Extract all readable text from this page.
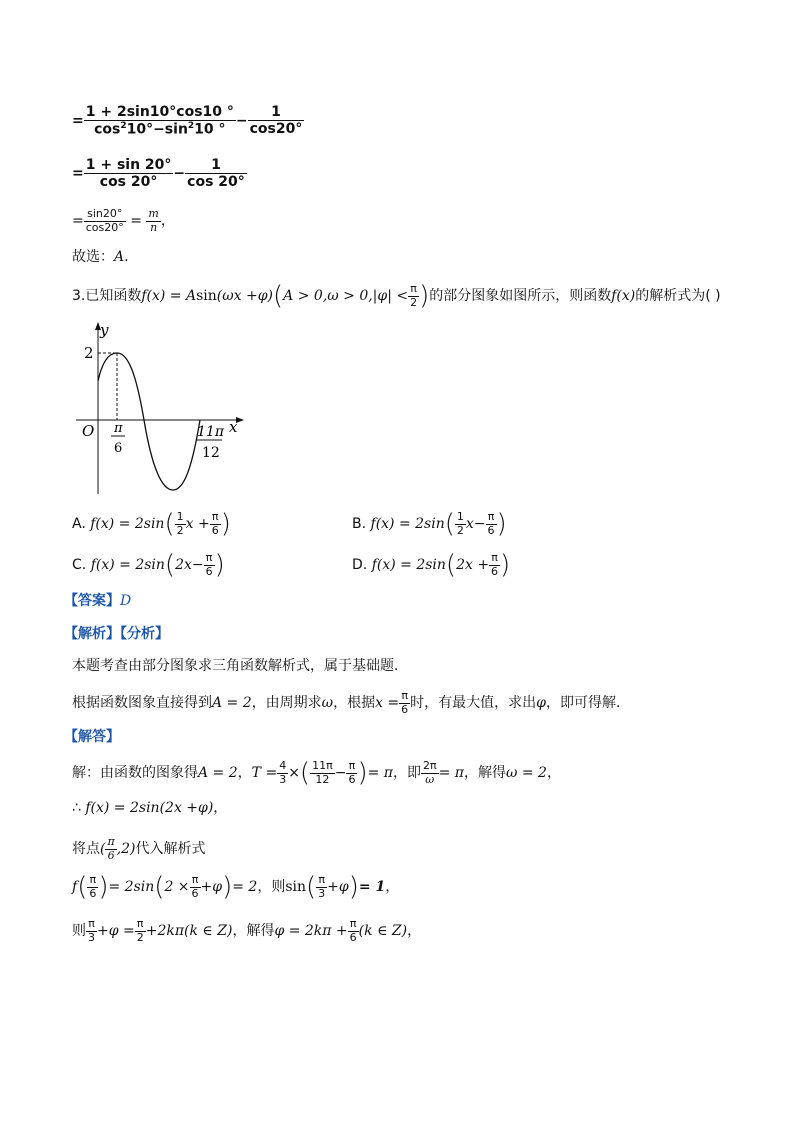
= $\frac{1 + 2\sin 10^\circ\cos 10 ^\circ}{\cos^210^\circ-\sin^210 ^\circ} - \frac{1}{\cos 20^\circ}$
= $\frac{1 + \sin 20^\circ}{\cos 20^\circ} - \frac{1}{\cos 20^\circ}$
= $\frac{\sin 20^\circ}{\cos 20^\circ} = \frac{m}{n}$ ，
故选：A．
3.已知函数$f(x) = Asin(\omega x +\varphi)(A > 0,\omega > 0,|\varphi| < \frac{\pi}{2}$ )的部分图象如图所示，则函数f(x)的解析式为( )
y
x
O
2
π
6
11π
12
A. $f(x) = 2\sin( \frac{1}{2}$ $x + \frac{\pi}{6}$ )	B. $f(x) = 2\sin( \frac{1}{2} x- \frac{\pi}{6}$ )
C. $f(x) = 2\sin(2x- \frac{\pi}{6}$ )	D. $f(x) = 2\sin(2x + \frac{\pi}{6}$ )
【答案】D
【解析】【分析】
本题考查由部分图象求三角函数解析式，属于基础题．
根据函数图象直接得到A = 2，由周期求ω，根据$x = \frac{\pi}{6}$ 时，有最大值，求出φ，即可得解．
【解答】
解：由函数的图象得A = 2，$T = \frac{4}{3}$ ×( $\frac{11\pi}{12} - \frac{\pi}{6}$ )= π，即 $\frac{2\pi}{\omega} = \pi$，解得ω = 2，
∴ f(x) = 2sin(2x +φ)，
将点( $\frac{\pi}{6} ,2$)代入解析式
$f( \frac{\pi}{6}$ )= $2\sin(2 \times \frac{\pi}{6} +\varphi)= 2$，则$\sin( \frac{\pi}{3} +\varphi)= 1$，
则 $\frac{\pi}{3} +\varphi = \frac{\pi}{2} +2k\pi(k$ ∈ Z)，解得$\varphi = 2k\pi + \frac{\pi}{6} (k$ ∈ Z)，
